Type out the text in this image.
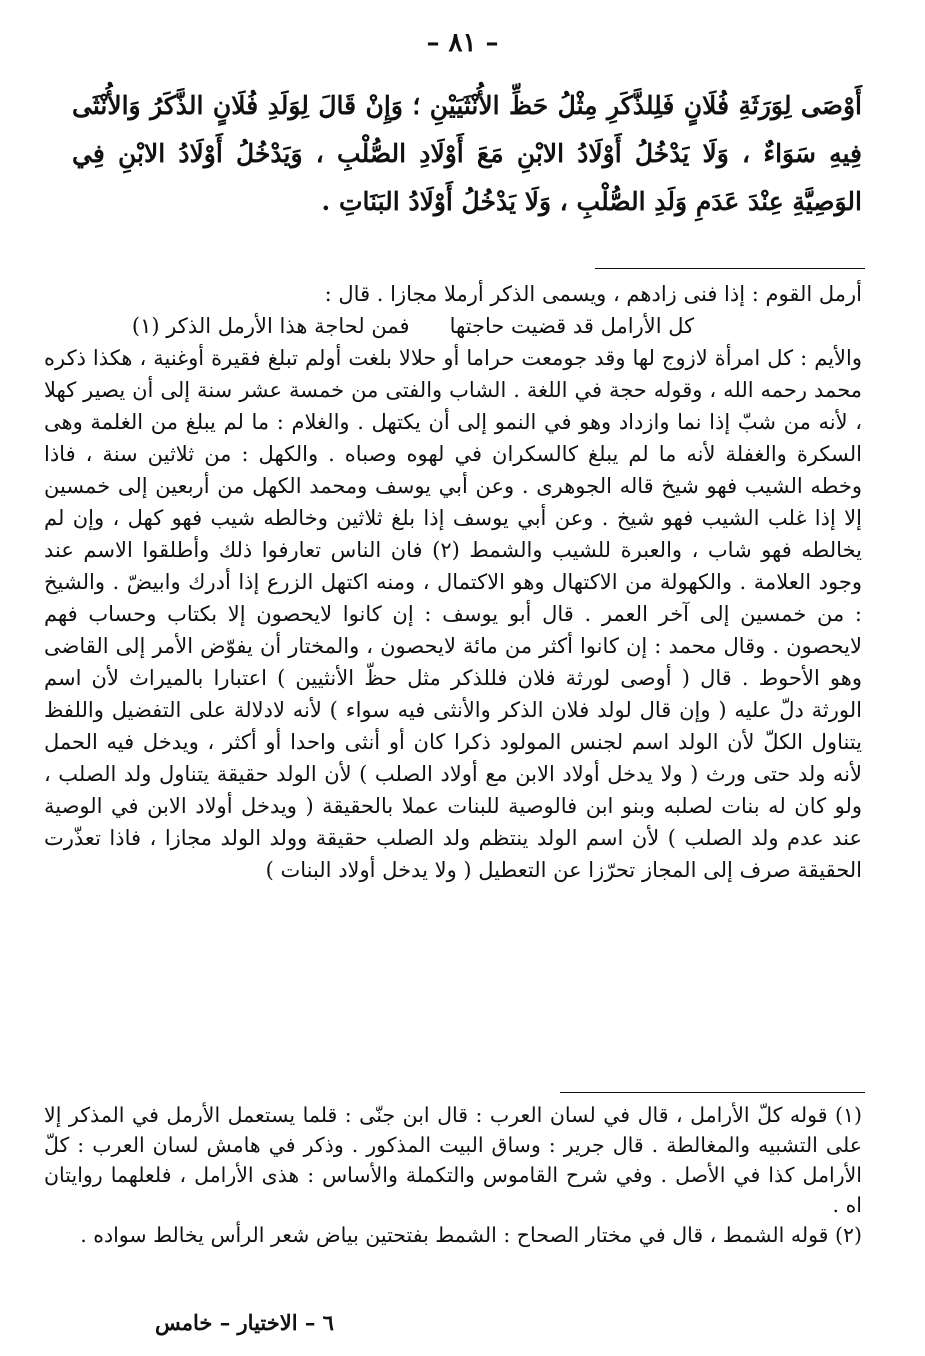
– ٨١ –
أَوْصَى لِوَرَثَةِ فُلَانٍ فَلِلذَّكَرِ مِثْلُ حَظِّ الأُنْثَيَيْنِ ؛ وَإِنْ قَالَ لِوَلَدِ فُلَانٍ الذَّكَرُ وَالأُنْثَى فِيهِ سَوَاءٌ ، وَلَا يَدْخُلُ أَوْلَادُ الابْنِ مَعَ أَوْلَادِ الصُّلْبِ ، وَيَدْخُلُ أَوْلَادُ الابْنِ فِي الوَصِيَّةِ عِنْدَ عَدَمِ وَلَدِ الصُّلْبِ ، وَلَا يَدْخُلُ أَوْلَادُ البَنَاتِ .

أرمل القوم : إذا فنى زادهم ، ويسمى الذكر أرملا مجازا . قال :

كل الأرامل قد قضيت حاجتها
فمن لحاجة هذا الأرمل الذكر (١)

والأيم : كل امرأة لازوج لها وقد جومعت حراما أو حلالا بلغت أولم تبلغ فقيرة أوغنية ، هكذا ذكره محمد رحمه الله ، وقوله حجة في اللغة . الشاب والفتى من خمسة عشر سنة إلى أن يصير كهلا ، لأنه من شبّ إذا نما وازداد وهو في النمو إلى أن يكتهل . والغلام : ما لم يبلغ من الغلمة وهى السكرة والغفلة لأنه ما لم يبلغ كالسكران في لهوه وصباه . والكهل : من ثلاثين سنة ، فاذا وخطه الشيب فهو شيخ قاله الجوهرى . وعن أبي يوسف ومحمد الكهل من أربعين إلى خمسين إلا إذا غلب الشيب فهو شيخ . وعن أبي يوسف إذا بلغ ثلاثين وخالطه شيب فهو كهل ، وإن لم يخالطه فهو شاب ، والعبرة للشيب والشمط (٢) فان الناس تعارفوا ذلك وأطلقوا الاسم عند وجود العلامة . والكهولة من الاكتهال وهو الاكتمال ، ومنه اكتهل الزرع إذا أدرك وابيضّ . والشيخ : من خمسين إلى آخر العمر . قال أبو يوسف : إن كانوا لايحصون إلا بكتاب وحساب فهم لايحصون . وقال محمد : إن كانوا أكثر من مائة لايحصون ، والمختار أن يفوّض الأمر إلى القاضى وهو الأحوط . قال ( أوصى لورثة فلان فللذكر مثل حظّ الأنثيين ) اعتبارا بالميراث لأن اسم الورثة دلّ عليه ( وإن قال لولد فلان الذكر والأنثى فيه سواء ) لأنه لادلالة على التفضيل واللفظ يتناول الكلّ لأن الولد اسم لجنس المولود ذكرا كان أو أنثى واحدا أو أكثر ، ويدخل فيه الحمل لأنه ولد حتى ورث ( ولا يدخل أولاد الابن مع أولاد الصلب ) لأن الولد حقيقة يتناول ولد الصلب ، ولو كان له بنات لصلبه وبنو ابن فالوصية للبنات عملا بالحقيقة ( ويدخل أولاد الابن في الوصية عند عدم ولد الصلب ) لأن اسم الولد ينتظم ولد الصلب حقيقة وولد الولد مجازا ، فاذا تعذّرت الحقيقة صرف إلى المجاز تحرّزا عن التعطيل ( ولا يدخل أولاد البنات )

(١) قوله كلّ الأرامل ، قال في لسان العرب : قال ابن جنّى : قلما يستعمل الأرمل في المذكر إلا على التشبيه والمغالطة . قال جرير : وساق البيت المذكور . وذكر في هامش لسان العرب : كلّ الأرامل كذا في الأصل . وفي شرح القاموس والتكملة والأساس : هذى الأرامل ، فلعلهما روايتان اه .

(٢) قوله الشمط ، قال في مختار الصحاح : الشمط بفتحتين بياض شعر الرأس يخالط سواده .

٦ – الاختيار – خامس
